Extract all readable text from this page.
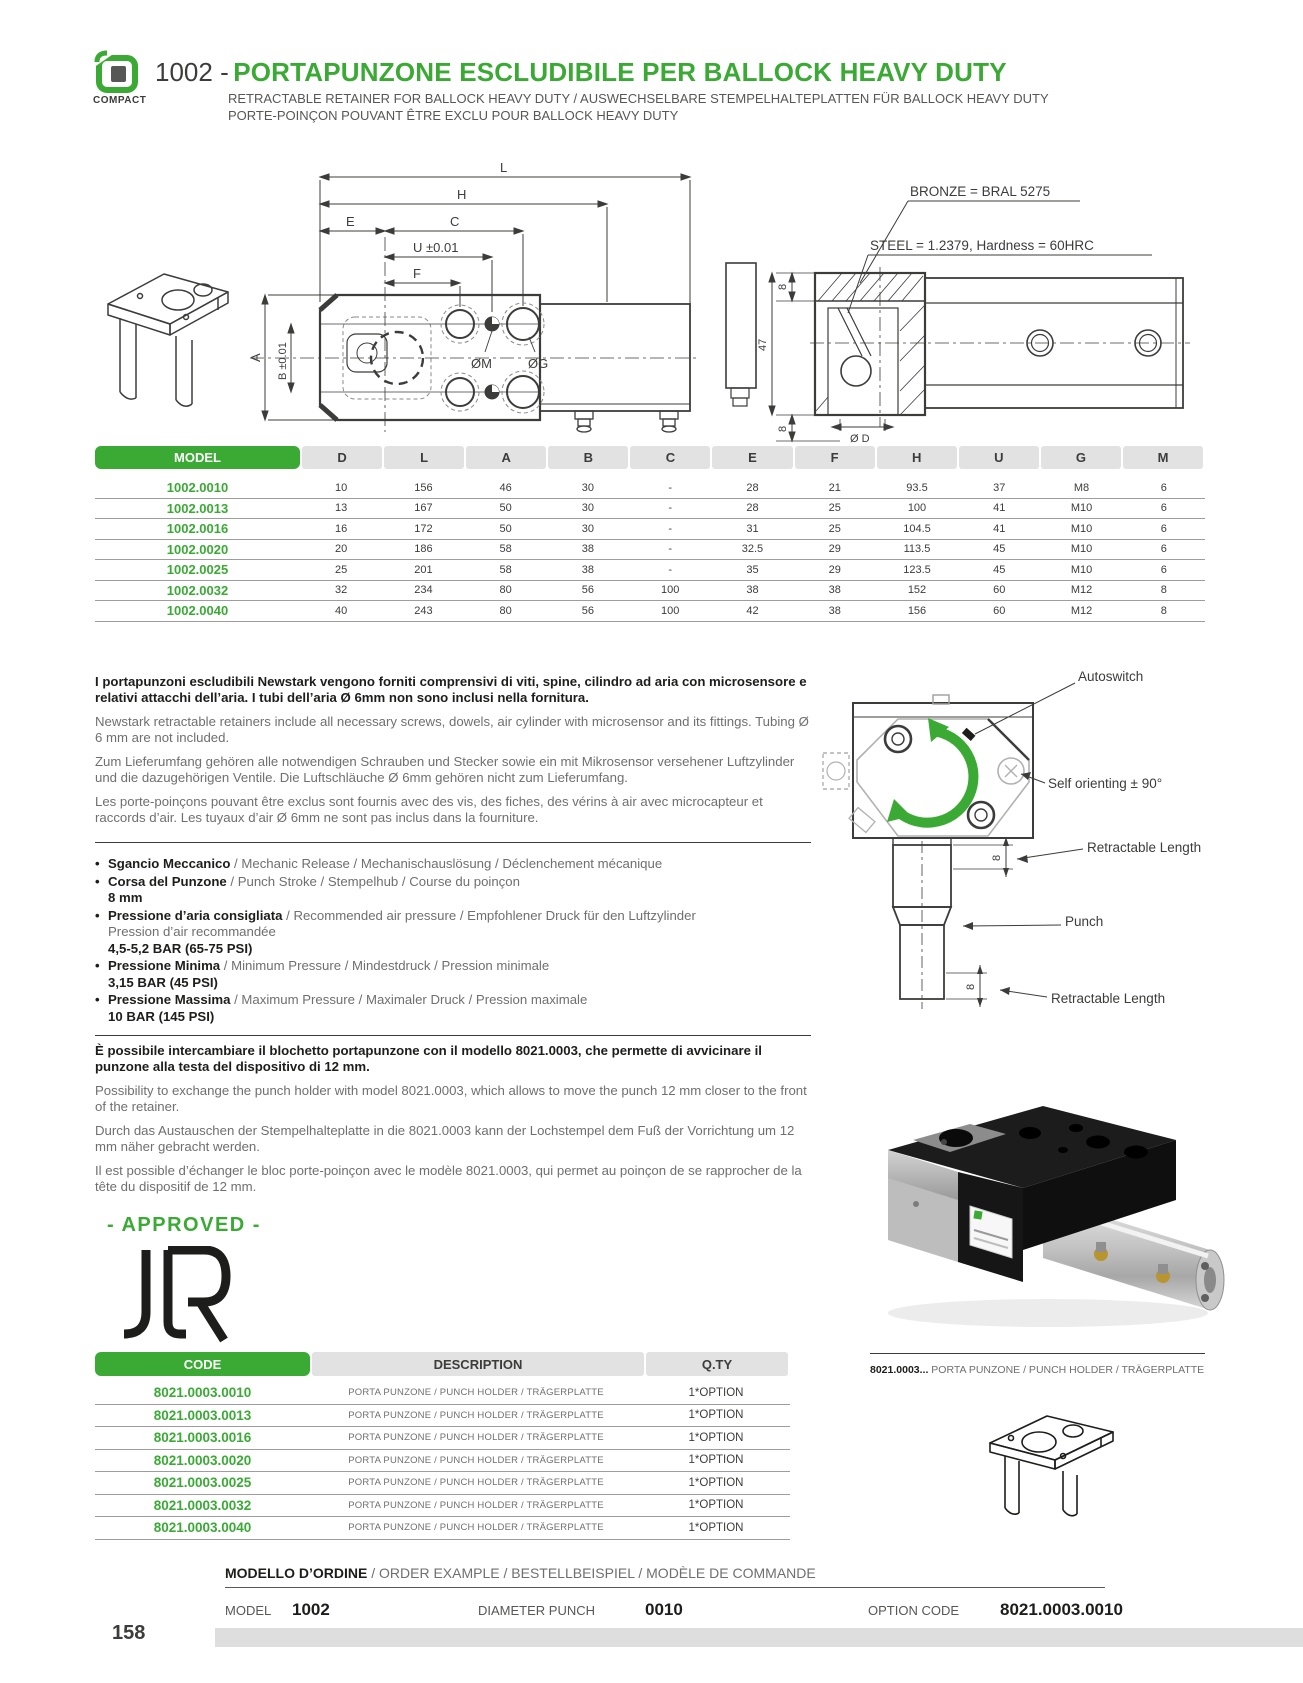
COMPACT
1002 - PORTAPUNZONE ESCLUDIBILE PER BALLOCK HEAVY DUTY
RETRACTABLE RETAINER FOR BALLOCK HEAVY DUTY / AUSWECHSELBARE STEMPELHALTEPLATTEN FÜR BALLOCK HEAVY DUTY
PORTE-POINÇON POUVANT ÊTRE EXCLU POUR BALLOCK HEAVY DUTY
L
H
E	C
U ±0.01
F
A B ±0.01	ØM	ØG
BRONZE = BRAL 5275
STEEL = 1.2379, Hardness = 60HRC
8
47
8
Ø D
MODEL	D	L	A	B	C	E	F	H	U	G	M
1002.0010	10	156	46	30	-	28	21	93.5	37	M8	6
1002.0013	13	167	50	30	-	28	25	100	41	M10	6
1002.0016	16	172	50	30	-	31	25	104.5	41	M10	6
1002.0020	20	186	58	38	-	32.5	29	113.5	45	M10	6
1002.0025	25	201	58	38	-	35	29	123.5	45	M10	6
1002.0032	32	234	80	56	100	38	38	152	60	M12	8
1002.0040	40	243	80	56	100	42	38	156	60	M12	8

I portapunzoni escludibili Newstark vengono forniti comprensivi di viti, spine, cilindro ad aria con microsensore e relativi attacchi dell’aria. I tubi dell’aria Ø 6mm non sono inclusi nella fornitura.

Newstark retractable retainers include all necessary screws, dowels, air cylinder with microsensor and its fittings. Tubing Ø 6 mm are not included.

Zum Lieferumfang gehören alle notwendigen Schrauben und Stecker sowie ein mit Mikrosensor versehener Luftzylinder und die dazugehörigen Ventile. Die Luftschläuche Ø 6mm gehören nicht zum Lieferumfang.

Les porte-poinçons pouvant être exclus sont fournis avec des vis, des fiches, des vérins à air avec microcapteur et raccords d’air. Les tuyaux d’air Ø 6mm ne sont pas inclus dans la fourniture.

• Sgancio Meccanico / Mechanic Release / Mechanischauslösung / Déclenchement mécanique
• Corsa del Punzone / Punch Stroke / Stempelhub / Course du poinçon
8 mm
• Pressione d’aria consigliata / Recommended air pressure / Empfohlener Druck für den Luftzylinder
Pression d’air recommandée
4,5-5,2 BAR (65-75 PSI)
• Pressione Minima / Minimum Pressure / Mindestdruck / Pression minimale
3,15 BAR (45 PSI)
• Pressione Massima / Maximum Pressure / Maximaler Druck / Pression maximale
10 BAR (145 PSI)

È possibile intercambiare il blochetto portapunzone con il modello 8021.0003, che permette di avvicinare il punzone alla testa del dispositivo di 12 mm.

Possibility to exchange the punch holder with model 8021.0003, which allows to move the punch 12 mm closer to the front of the retainer.

Durch das Austauschen der Stempelhalteplatte in die 8021.0003 kann der Lochstempel dem Fuß der Vorrichtung um 12 mm näher gebracht werden.

Il est possible d’échanger le bloc porte-poinçon avec le modèle 8021.0003, qui permet au poinçon de se rapprocher de la tête du dispositif de 12 mm.

- APPROVED -
Autoswitch
Self orienting ± 90°
Retractable Length
8
Punch
8
Retractable Length
8021.0003... PORTA PUNZONE / PUNCH HOLDER / TRÄGERPLATTE
CODE	DESCRIPTION	Q.TY
8021.0003.0010	PORTA PUNZONE / PUNCH HOLDER / TRÄGERPLATTE	1*OPTION
8021.0003.0013	PORTA PUNZONE / PUNCH HOLDER / TRÄGERPLATTE	1*OPTION
8021.0003.0016	PORTA PUNZONE / PUNCH HOLDER / TRÄGERPLATTE	1*OPTION
8021.0003.0020	PORTA PUNZONE / PUNCH HOLDER / TRÄGERPLATTE	1*OPTION
8021.0003.0025	PORTA PUNZONE / PUNCH HOLDER / TRÄGERPLATTE	1*OPTION
8021.0003.0032	PORTA PUNZONE / PUNCH HOLDER / TRÄGERPLATTE	1*OPTION
8021.0003.0040	PORTA PUNZONE / PUNCH HOLDER / TRÄGERPLATTE	1*OPTION
MODELLO D’ORDINE / ORDER EXAMPLE / BESTELLBEISPIEL / MODÈLE DE COMMANDE
MODEL 1002	DIAMETER PUNCH	0010	OPTION CODE 8021.0003.0010
158
